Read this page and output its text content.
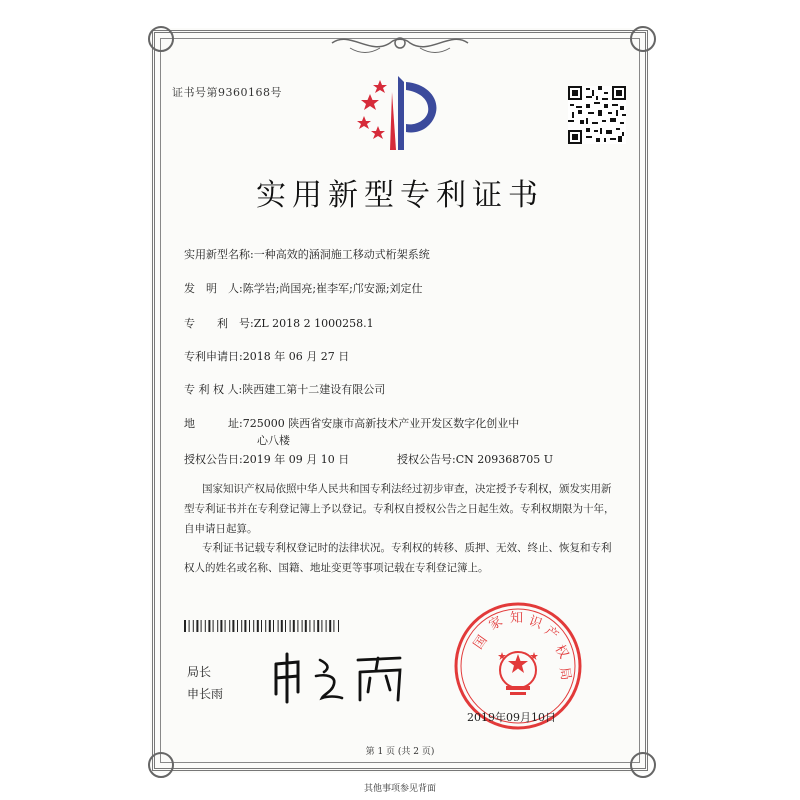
证书号第9360168号
实用新型专利证书
实用新型名称:一种高效的涵洞施工移动式桁架系统
发　明　人:陈学岩;尚国亮;崔李军;邝安源;刘定仕
专　　利　号:ZL 2018 2 1000258.1
专利申请日:2018 年 06 月 27 日
专 利 权 人:陕西建工第十二建设有限公司
地　　　址:725000 陕西省安康市高新技术产业开发区数字化创业中
心八楼
授权公告日:2019 年 09 月 10 日	授权公告号:CN 209368705 U
国家知识产权局依照中华人民共和国专利法经过初步审查，决定授予专利权，颁发实用新型专利证书并在专利登记簿上予以登记。专利权自授权公告之日起生效。专利权期限为十年，自申请日起算。
专利证书记载专利权登记时的法律状况。专利权的转移、质押、无效、终止、恢复和专利权人的姓名或名称、国籍、地址变更等事项记载在专利登记簿上。
局长
申长雨
国
家 知 识
产
权
局
2019年09月10日
第 1 页 (共 2 页)
其他事项参见背面
